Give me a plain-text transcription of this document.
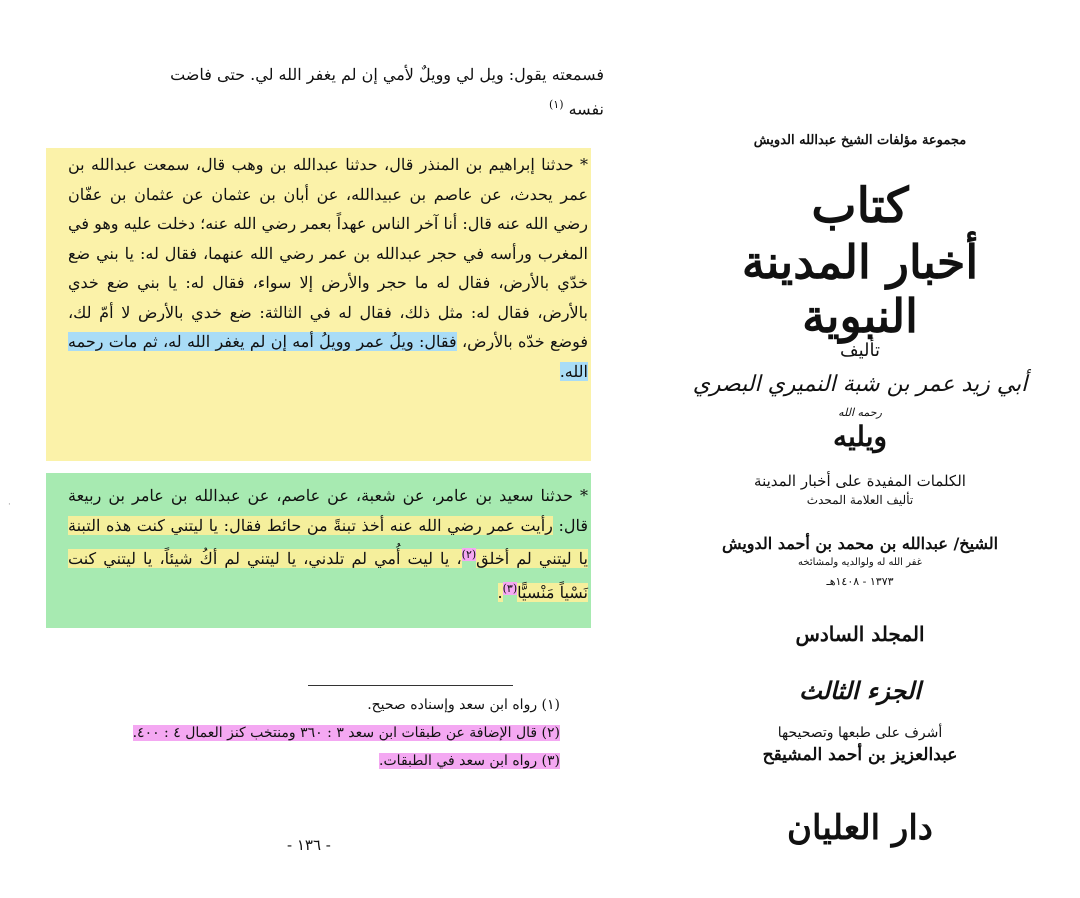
فسمعته يقول: ويل لي وويلٌ لأمي إن لم يغفر الله لي. حتى فاضت
نفسه $^{(١)}$
* حدثنا إبراهيم بن المنذر قال، حدثنا عبدالله بن وهب قال، سمعت عبدالله بن عمر يحدث، عن عاصم بن عبيدالله، عن أبان بن عثمان عن عثمان بن عفّان رضي الله عنه قال: أنا آخر الناس عهداً بعمر رضي الله عنه؛ دخلت عليه وهو في المغرب ورأسه في حجر عبدالله بن عمر رضي الله عنهما، فقال له: يا بني ضع خدّي بالأرض، فقال له ما حجر والأرض إلا سواء، فقال له: يا بني ضع خدي بالأرض، فقال له: مثل ذلك، فقال له في الثالثة: ضع خدي بالأرض لا أمّ لك، فوضع خدّه بالأرض، فقال: ويلُ عمر وويلُ أمه إن لم يغفر الله له، ثم مات رحمه الله.
* حدثنا سعيد بن عامر، عن شعبة، عن عاصم، عن عبدالله بن عامر بن ربيعة قال: رأيت عمر رضي الله عنه أخذ تبنةً من حائط فقال: يا ليتني كنت هذه التبنة يا ليتني لم أخلق$^{(٢)}$، يا ليت أُمي لم تلدني، يا ليتني لم أكُ شيئاً، يا ليتني كنت نَسْياً مَنْسيًّا$^{(٣)}$.
(١) رواه ابن سعد وإسناده صحيح.
(٢) قال الإضافة عن طبقات ابن سعد ٣ : ٣٦٠ ومنتخب كنز العمال ٤ : ٤٠٠.
(٣) رواه ابن سعد في الطبقات.
- ١٣٦ -
·
مجموعة مؤلفات الشيخ عبدالله الدويش
كتاب
أخبار المدينة النبوية
تأليف
أبي زيد عمر بن شبة النميري البصري رحمه الله
ويليه
الكلمات المفيدة على أخبار المدينة
تأليف العلامة المحدث
الشيخ/ عبدالله بن محمد بن أحمد الدويش
غفر الله له ولوالديه ولمشائخه
١٣٧٣ - ١٤٠٨هـ
المجلد السادس
الجزء الثالث
أشرف على طبعها وتصحيحها
عبدالعزيز بن أحمد المشيقح
دار العليان
